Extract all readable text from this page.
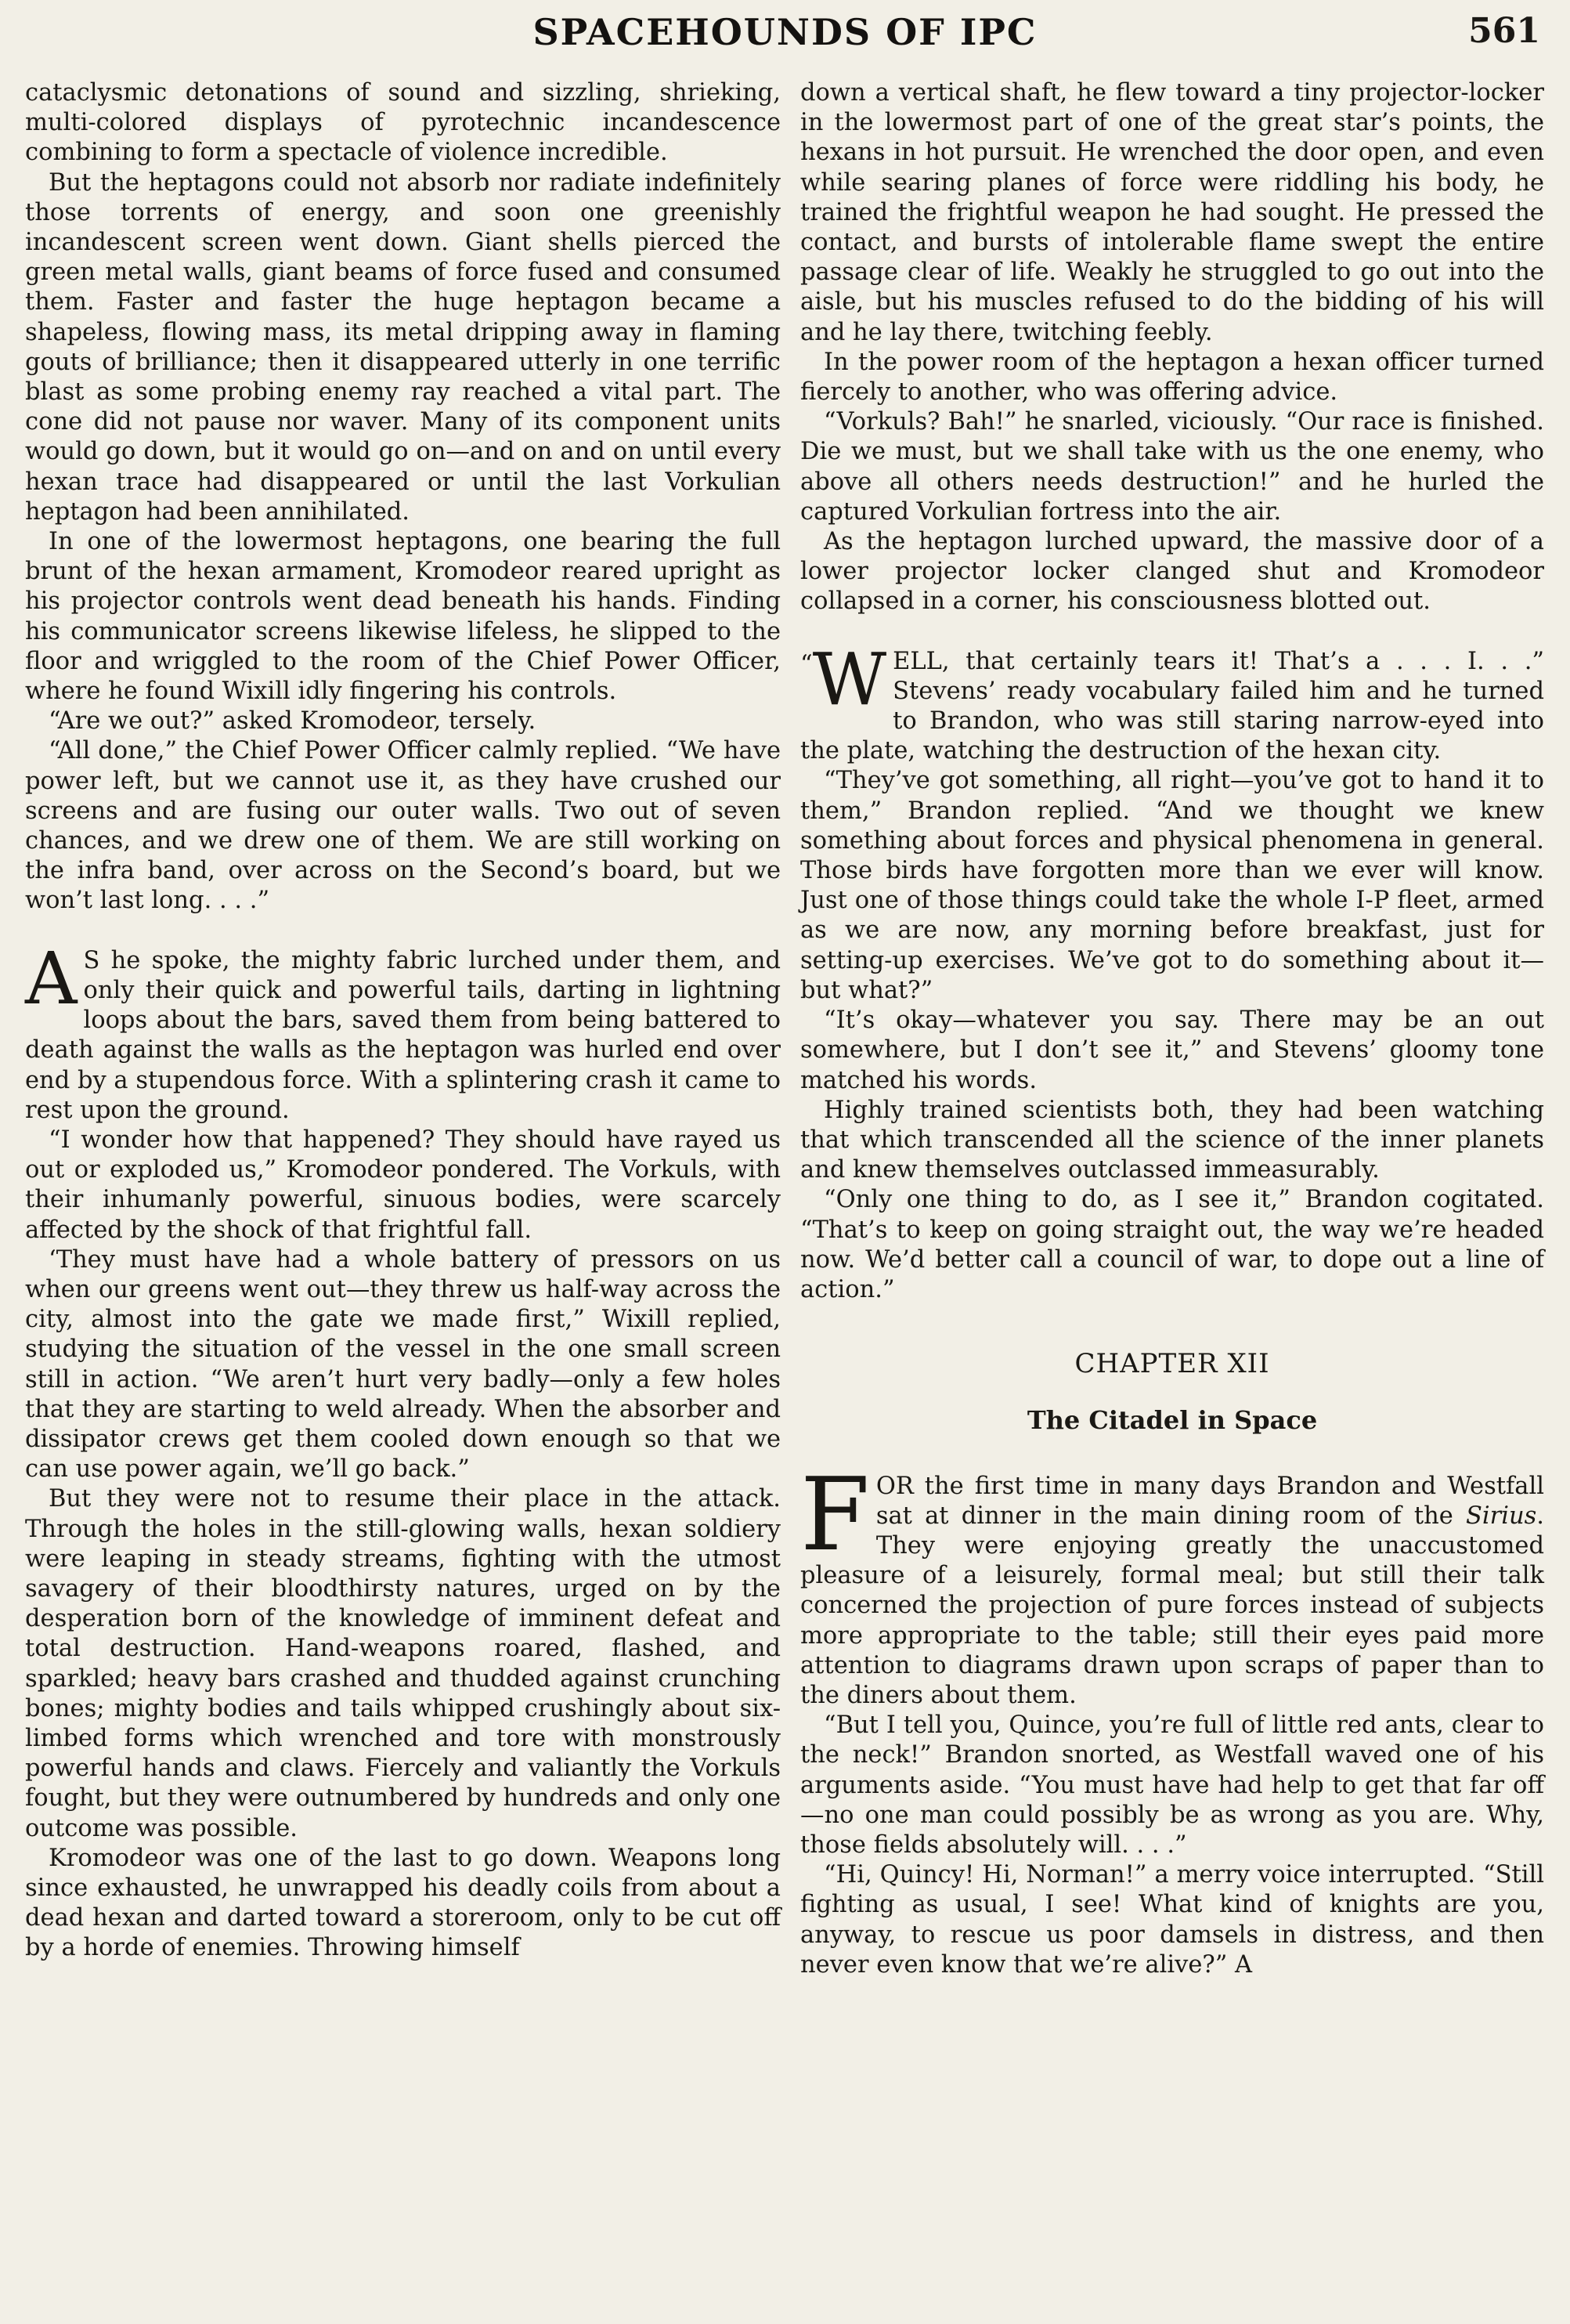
SPACEHOUNDS OF IPC	561

cataclysmic detonations of sound and sizzling, shrieking, multi-colored displays of pyrotechnic incandescence combining to form a spectacle of violence incredible.

But the heptagons could not absorb nor radiate indefinitely those torrents of energy, and soon one greenishly incandescent screen went down. Giant shells pierced the green metal walls, giant beams of force fused and consumed them. Faster and faster the huge heptagon became a shapeless, flowing mass, its metal dripping away in flaming gouts of brilliance; then it disappeared utterly in one terrific blast as some probing enemy ray reached a vital part. The cone did not pause nor waver. Many of its component units would go down, but it would go on—and on and on until every hexan trace had disappeared or until the last Vorkulian heptagon had been annihilated.

In one of the lowermost heptagons, one bearing the full brunt of the hexan armament, Kromodeor reared upright as his projector controls went dead beneath his hands. Finding his communicator screens likewise lifeless, he slipped to the floor and wriggled to the room of the Chief Power Officer, where he found Wixill idly fingering his controls.

“Are we out?” asked Kromodeor, tersely.

“All done,” the Chief Power Officer calmly replied. “We have power left, but we cannot use it, as they have crushed our screens and are fusing our outer walls. Two out of seven chances, and we drew one of them. We are still working on the infra band, over across on the Second’s board, but we won’t last long. . . .”

A S he spoke, the mighty fabric lurched under them, and only their quick and powerful tails, darting in lightning loops about the bars, saved them from being battered to death against the walls as the heptagon was hurled end over end by a stupendous force. With a splintering crash it came to rest upon the ground.

“I wonder how that happened? They should have rayed us out or exploded us,” Kromodeor pondered. The Vorkuls, with their inhumanly powerful, sinuous bodies, were scarcely affected by the shock of that frightful fall.

‘They must have had a whole battery of pressors on us when our greens went out—they threw us half-way across the city, almost into the gate we made first,” Wixill replied, studying the situation of the vessel in the one small screen still in action. “We aren’t hurt very badly—only a few holes that they are starting to weld already. When the absorber and dissipator crews get them cooled down enough so that we can use power again, we’ll go back.”

But they were not to resume their place in the attack. Through the holes in the still-glowing walls, hexan soldiery were leaping in steady streams, fighting with the utmost savagery of their bloodthirsty natures, urged on by the desperation born of the knowledge of imminent defeat and total destruction. Hand-weapons roared, flashed, and sparkled; heavy bars crashed and thudded against crunching bones; mighty bodies and tails whipped crushingly about six-limbed forms which wrenched and tore with monstrously powerful hands and claws. Fiercely and valiantly the Vorkuls fought, but they were outnumbered by hundreds and only one outcome was possible.

Kromodeor was one of the last to go down. Weapons long since exhausted, he unwrapped his deadly coils from about a dead hexan and darted toward a storeroom, only to be cut off by a horde of enemies. Throwing himself

down a vertical shaft, he flew toward a tiny projector-locker in the lowermost part of one of the great star’s points, the hexans in hot pursuit. He wrenched the door open, and even while searing planes of force were riddling his body, he trained the frightful weapon he had sought. He pressed the contact, and bursts of intolerable flame swept the entire passage clear of life. Weakly he struggled to go out into the aisle, but his muscles refused to do the bidding of his will and he lay there, twitching feebly.

In the power room of the heptagon a hexan officer turned fiercely to another, who was offering advice.

“Vorkuls? Bah!” he snarled, viciously. “Our race is finished. Die we must, but we shall take with us the one enemy, who above all others needs destruction!” and he hurled the captured Vorkulian fortress into the air.

As the heptagon lurched upward, the massive door of a lower projector locker clanged shut and Kromodeor collapsed in a corner, his consciousness blotted out.

“ W ELL, that certainly tears it! That’s a . . . I. . .” Stevens’ ready vocabulary failed him and he turned to Brandon, who was still staring narrow-eyed into the plate, watching the destruction of the hexan city.

“They’ve got something, all right—you’ve got to hand it to them,” Brandon replied. “And we thought we knew something about forces and physical phenomena in general. Those birds have forgotten more than we ever will know. Just one of those things could take the whole I-P fleet, armed as we are now, any morning before breakfast, just for setting-up exercises. We’ve got to do something about it—but what?”

“It’s okay—whatever you say. There may be an out somewhere, but I don’t see it,” and Stevens’ gloomy tone matched his words.

Highly trained scientists both, they had been watching that which transcended all the science of the inner planets and knew themselves outclassed immeasurably.

“Only one thing to do, as I see it,” Brandon cogitated. “That’s to keep on going straight out, the way we’re headed now. We’d better call a council of war, to dope out a line of action.”

CHAPTER XII
The Citadel in Space

FOR the first time in many days Brandon and Westfall sat at dinner in the main dining room of the Sirius. They were enjoying greatly the unaccustomed pleasure of a leisurely, formal meal; but still their talk concerned the projection of pure forces instead of subjects more appropriate to the table; still their eyes paid more attention to diagrams drawn upon scraps of paper than to the diners about them.

“But I tell you, Quince, you’re full of little red ants, clear to the neck!” Brandon snorted, as Westfall waved one of his arguments aside. “You must have had help to get that far off—no one man could possibly be as wrong as you are. Why, those fields absolutely will. . . .”

“Hi, Quincy! Hi, Norman!” a merry voice interrupted. “Still fighting as usual, I see! What kind of knights are you, anyway, to rescue us poor damsels in distress, and then never even know that we’re alive?” A
